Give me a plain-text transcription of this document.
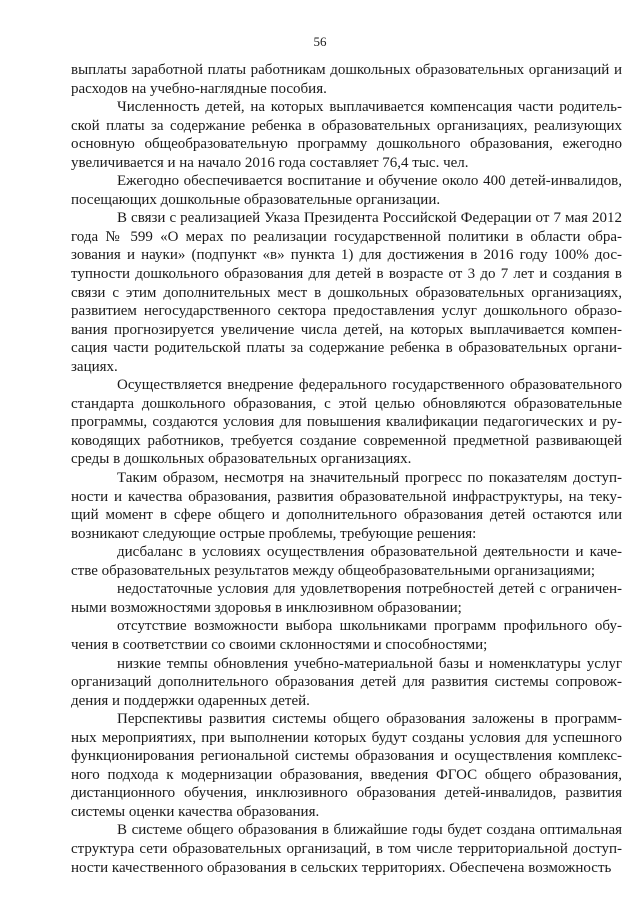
56

выплаты заработной платы работникам дошкольных образовательных организаций и расходов на учебно-наглядные пособия.

Численность детей, на которых выплачивается компенсация части родительской платы за содержание ребенка в образовательных организациях, реализующих основную общеобразовательную программу дошкольного образования, ежегодно увеличивается и на начало 2016 года составляет 76,4 тыс. чел.

Ежегодно обеспечивается воспитание и обучение около 400 детей-инвалидов, посещающих дошкольные образовательные организации.

В связи с реализацией Указа Президента Российской Федерации от 7 мая 2012 года № 599 «О мерах по реализации государственной политики в области образования и науки» (подпункт «в» пункта 1) для достижения в 2016 году 100% доступности дошкольного образования для детей в возрасте от 3 до 7 лет и создания в связи с этим дополнительных мест в дошкольных образовательных организациях, развитием негосударственного сектора предоставления услуг дошкольного образования прогнозируется увеличение числа детей, на которых выплачивается компенсация части родительской платы за содержание ребенка в образовательных организациях.

Осуществляется внедрение федерального государственного образовательного стандарта дошкольного образования, с этой целью обновляются образовательные программы, создаются условия для повышения квалификации педагогических и руководящих работников, требуется создание современной предметной развивающей среды в дошкольных образовательных организациях.

Таким образом, несмотря на значительный прогресс по показателям доступности и качества образования, развития образовательной инфраструктуры, на текущий момент в сфере общего и дополнительного образования детей остаются или возникают следующие острые проблемы, требующие решения:

дисбаланс в условиях осуществления образовательной деятельности и качестве образовательных результатов между общеобразовательными организациями;

недостаточные условия для удовлетворения потребностей детей с ограниченными возможностями здоровья в инклюзивном образовании;

отсутствие возможности выбора школьниками программ профильного обучения в соответствии со своими склонностями и способностями;

низкие темпы обновления учебно-материальной базы и номенклатуры услуг организаций дополнительного образования детей для развития системы сопровождения и поддержки одаренных детей.

Перспективы развития системы общего образования заложены в программных мероприятиях, при выполнении которых будут созданы условия для успешного функционирования региональной системы образования и осуществления комплексного подхода к модернизации образования, введения ФГОС общего образования, дистанционного обучения, инклюзивного образования детей-инвалидов, развития системы оценки качества образования.

В системе общего образования в ближайшие годы будет создана оптимальная структура сети образовательных организаций, в том числе территориальной доступности качественного образования в сельских территориях. Обеспечена возможность
